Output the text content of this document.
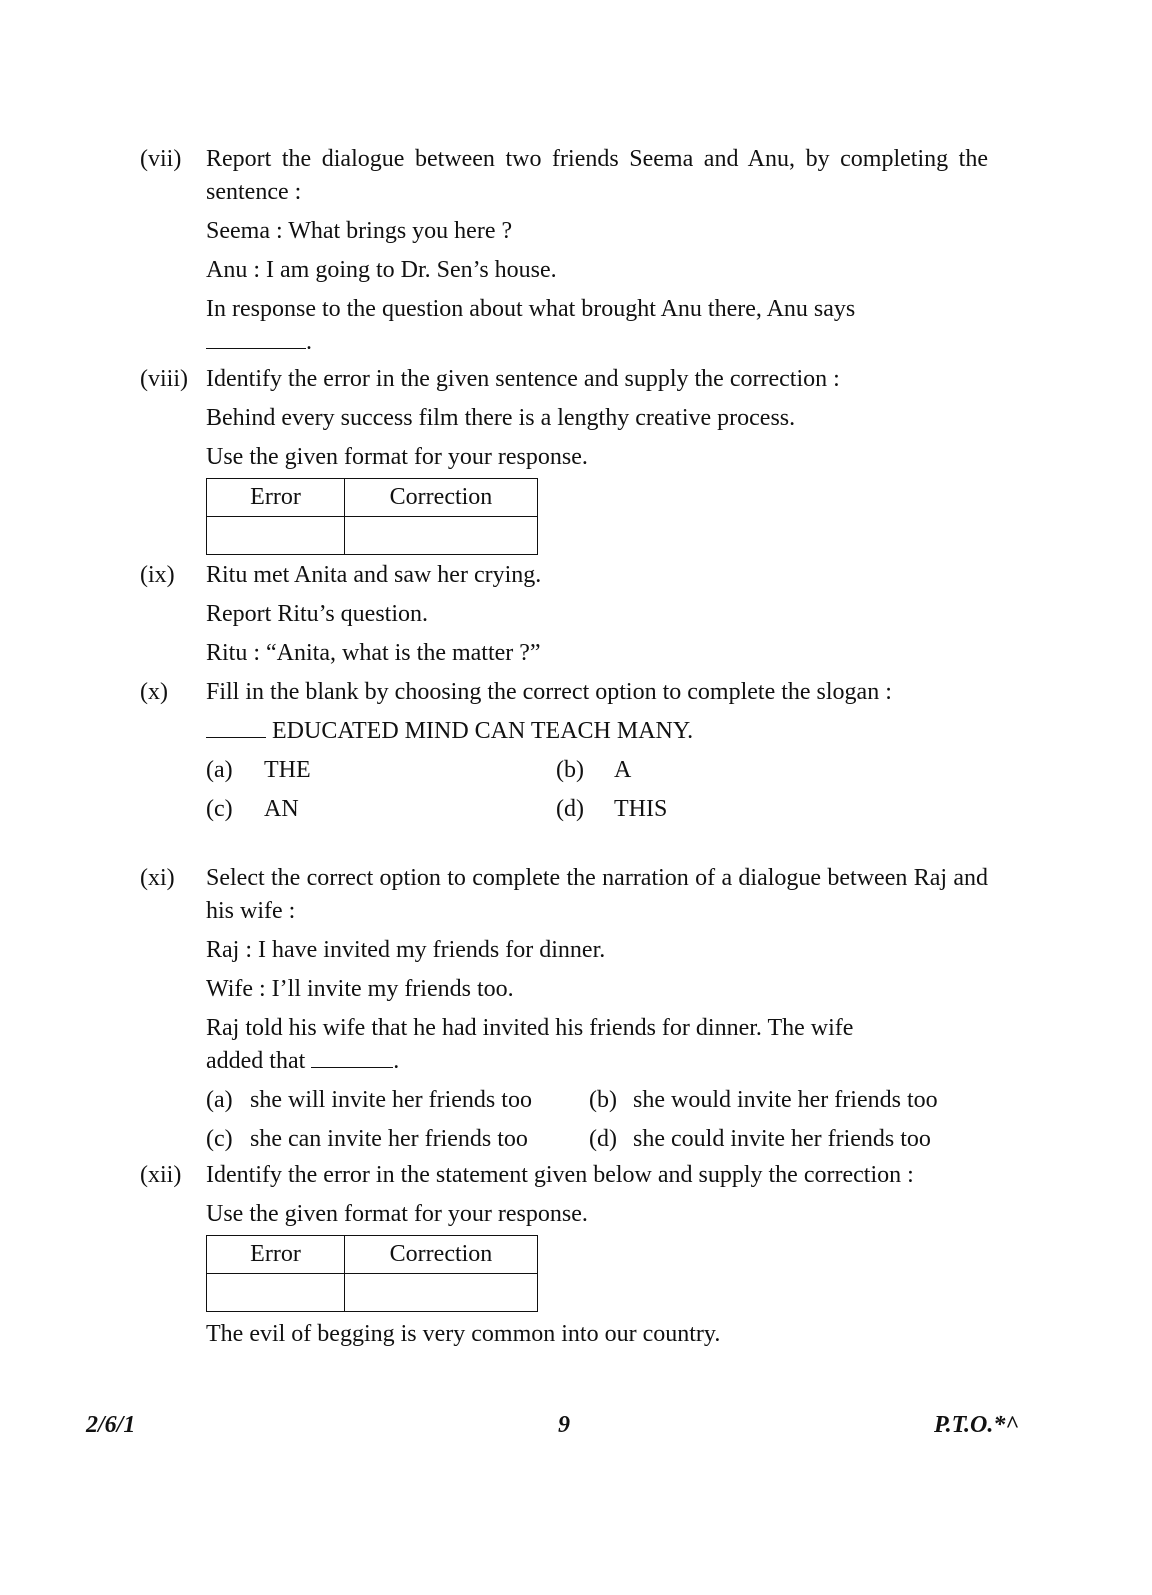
(vii)	Report the dialogue between two friends Seema and Anu, by completing the sentence :
Seema : What brings you here ?
Anu : I am going to Dr. Sen’s house.
In response to the question about what brought Anu there, Anu says
.
(viii) Identify the error in the given sentence and supply the correction :
Behind every success film there is a lengthy creative process.
Use the given format for your response.
Error	Correction

(ix)	Ritu met Anita and saw her crying.
Report Ritu’s question.
Ritu : “Anita, what is the matter ?”
(x)	Fill in the blank by choosing the correct option to complete the slogan :
EDUCATED MIND CAN TEACH MANY.
(a)	THE	(b)	A
(c)	AN	(d)	THIS
(xi)	Select the correct option to complete the narration of a dialogue between Raj and his wife :
Raj : I have invited my friends for dinner.
Wife : I’ll invite my friends too.
Raj told his wife that he had invited his friends for dinner. The wife
added that	.
(a) she will invite her friends too (b) she would invite her friends too
(c) she can invite her friends too	(d) she could invite her friends too
(xii)	Identify the error in the statement given below and supply the correction :
Use the given format for your response.
Error	Correction

The evil of begging is very common into our country.
2/6/1	9	P.T.O.*^
